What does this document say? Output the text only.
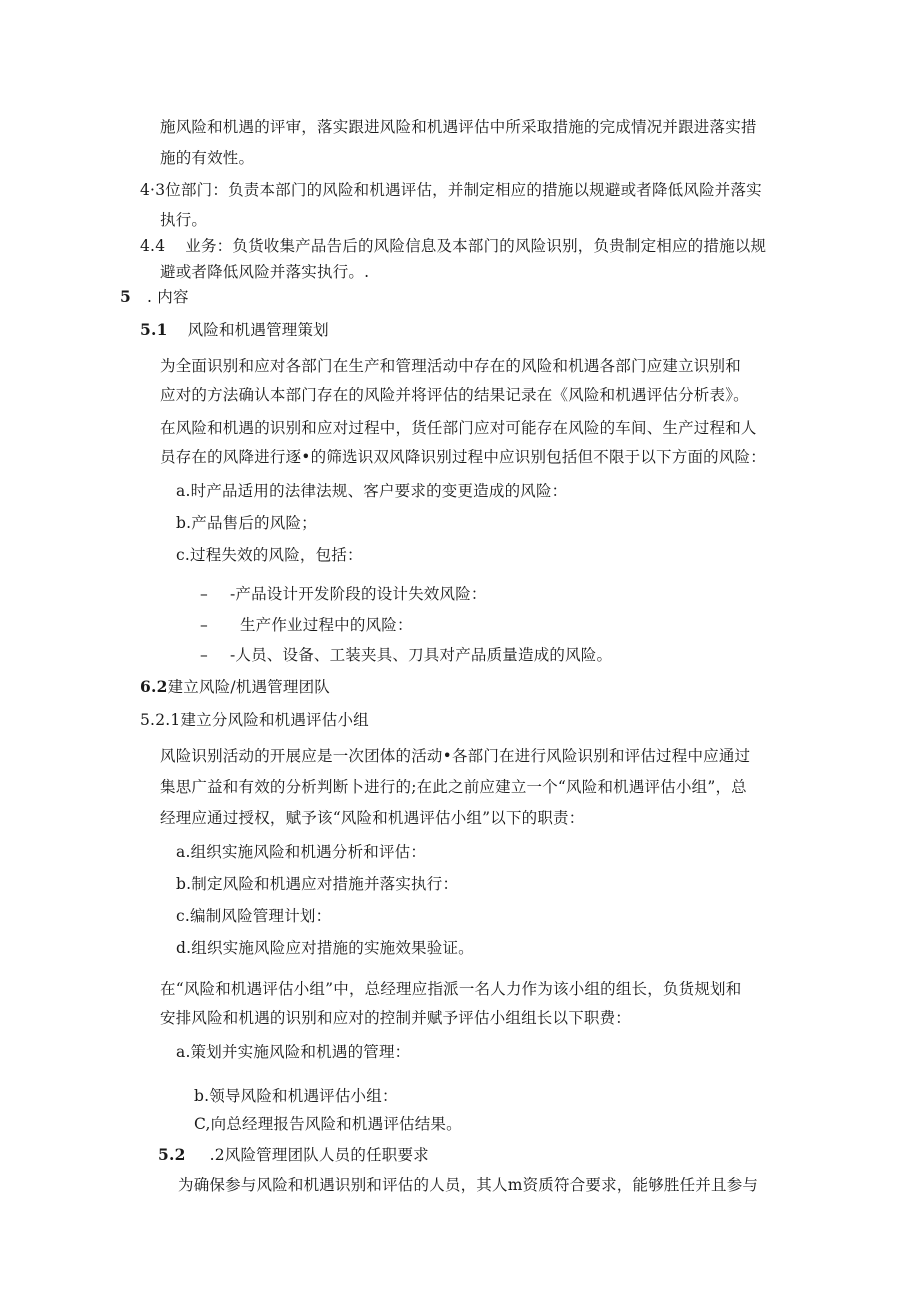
施风险和机遇的评审，落实跟进风险和机遇评估中所采取措施的完成情况并跟进落实措
施的有效性。
4·3位部门：负责本部门的风险和机遇评估，并制定相应的措施以规避或者降低风险并落实
执行。
4.4 业务：负货收集产品告后的风险信息及本部门的风险识别，负贵制定相应的措施以规
避或者降低风险并落实执行。.
5 . 内容
5.1 风险和机遇管理策划
为全面识别和应对各部门在生产和管理活动中存在的风险和机遇各部门应建立识别和
应对的方法确认本部门存在的风险并将评估的结果记录在《风险和机遇评估分析表》。
在风险和机遇的识别和应对过程中，货任部门应对可能存在风险的车间、生产过程和人
员存在的风降进行逐•的筛选识双风降识别过程中应识别包括但不限于以下方面的风险：
a.时产品适用的法律法规、客户要求的变更造成的风险：
b.产品售后的风险；
c.过程失效的风险，包括：
– -产品设计开发阶段的设计失效风险：
– 生产作业过程中的风险：
– -人员、设备、工装夹具、刀具对产品质量造成的风险。
6.2建立风险/机遇管理团队
5.2.1建立分风险和机遇评估小组
风险识别活动的开展应是一次团体的活动•各部门在进行风险识别和评估过程中应通过
集思广益和有效的分析判断卜进行的;在此之前应建立一个“风险和机遇评估小组”，总
经理应通过授权，赋予该“风险和机遇评估小组”以下的职责：
a.组织实施风险和机遇分析和评估：
b.制定风险和机遇应对措施并落实执行：
c.编制风险管理计划：
d.组织实施风险应对措施的实施效果验证。
在“风险和机遇评估小组”中，总经理应指派一名人力作为该小组的组长，负货规划和
安排风险和机遇的识别和应对的控制并赋予评估小组组长以下职费：
a.策划并实施风险和机遇的管理：
b.领导风险和机遇评估小组：
C,向总经理报告风险和机遇评估结果。
5.2 .2风险管理团队人员的任职要求
为确保参与风险和机遇识别和评估的人员，其人m资质符合要求，能够胜任并且参与
